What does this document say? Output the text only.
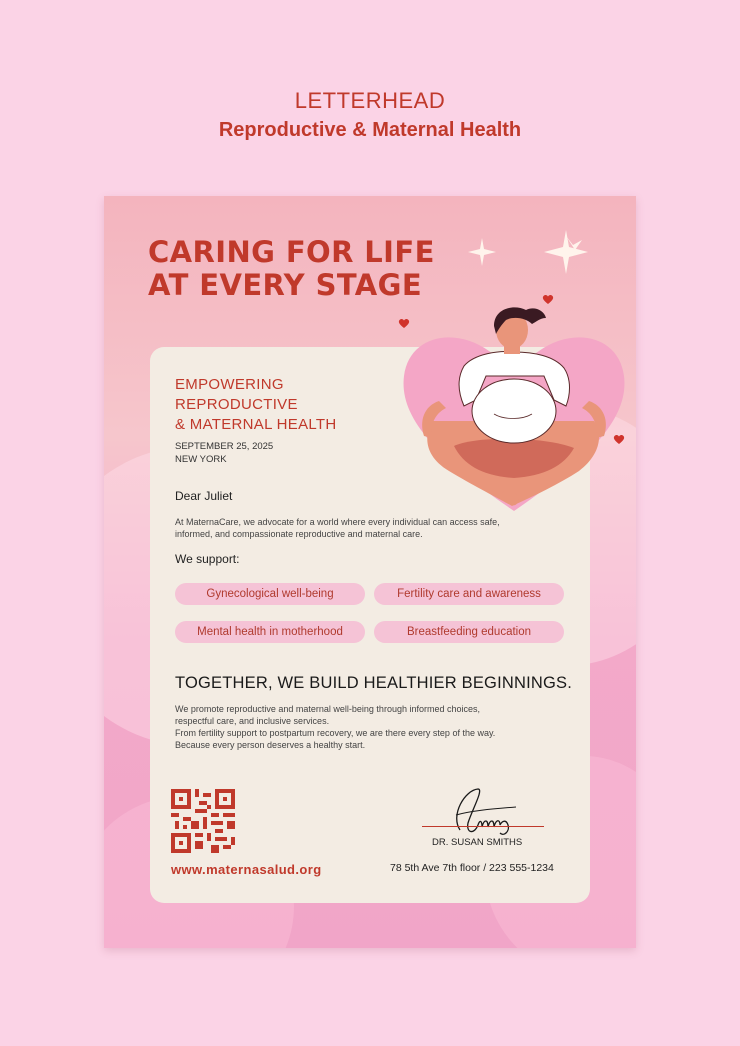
LETTERHEAD
Reproductive & Maternal Health
CARING FOR LIFE
AT EVERY STAGE
EMPOWERING
REPRODUCTIVE
& MATERNAL HEALTH
SEPTEMBER 25, 2025
NEW YORK
Dear Juliet
At MaternaCare, we advocate for a world where every individual can access safe,
informed, and compassionate reproductive and maternal care.
We support:
Gynecological well-being	Fertility care and awareness
Mental health in motherhood	Breastfeeding education
TOGETHER, WE BUILD HEALTHIER BEGINNINGS.
We promote reproductive and maternal well-being through informed choices,
respectful care, and inclusive services.
From fertility support to postpartum recovery, we are there every step of the way.
Because every person deserves a healthy start.
www.maternasalud.org
DR. SUSAN SMITHS
78 5th Ave 7th floor / 223 555-1234
